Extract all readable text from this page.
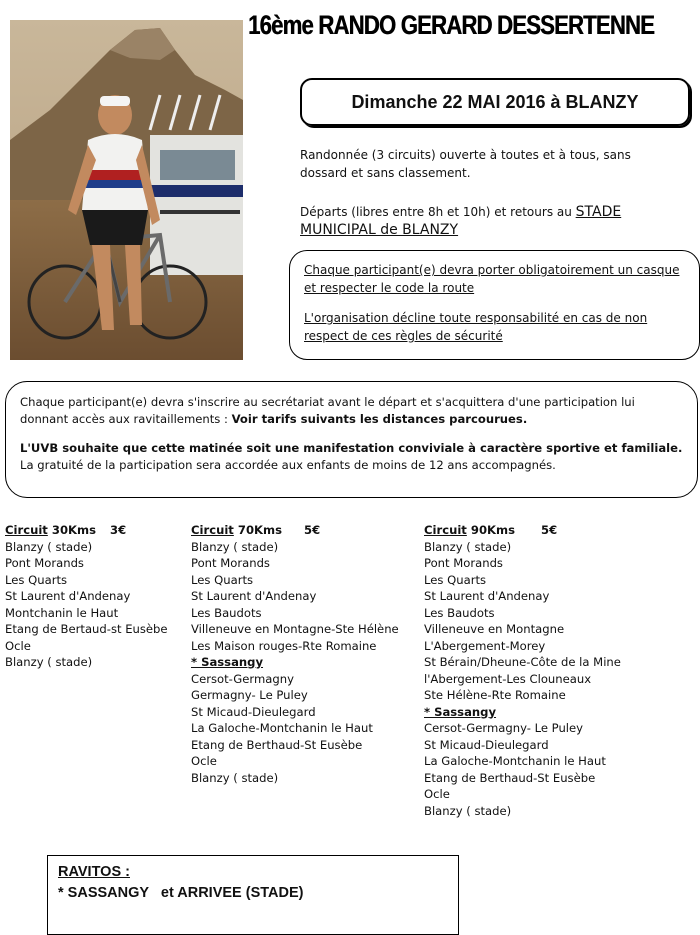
16ème RANDO GERARD DESSERTENNE
Dimanche 22 MAI 2016 à BLANZY
Randonnée (3 circuits) ouverte à toutes et à tous, sans dossard et sans classement.
Départs (libres entre 8h et 10h) et retours au STADE MUNICIPAL de BLANZY

Chaque participant(e) devra porter obligatoirement un casque et respecter le code la route

L'organisation décline toute responsabilité en cas de non respect de ces règles de sécurité

Chaque participant(e) devra s'inscrire au secrétariat avant le départ et s'acquittera d'une participation lui donnant accès aux ravitaillements : Voir tarifs suivants les distances parcourues.

L'UVB souhaite que cette matinée soit une manifestation conviviale à caractère sportive et familiale.

La gratuité de la participation sera accordée aux enfants de moins de 12 ans accompagnés.

Circuit 30Kms 3€
Blanzy ( stade)
Pont Morands
Les Quarts
St Laurent d'Andenay
Montchanin le Haut
Etang de Bertaud-st Eusèbe
Ocle
Blanzy ( stade)
Circuit 70Kms 5€
Blanzy ( stade)
Pont Morands
Les Quarts
St Laurent d'Andenay
Les Baudots
Villeneuve en Montagne-Ste Hélène
Les Maison rouges-Rte Romaine
* Sassangy
Cersot-Germagny
Germagny- Le Puley
St Micaud-Dieulegard
La Galoche-Montchanin le Haut
Etang de Berthaud-St Eusèbe
Ocle
Blanzy ( stade)
Circuit 90Kms 5€
Blanzy ( stade)
Pont Morands
Les Quarts
St Laurent d'Andenay
Les Baudots
Villeneuve en Montagne
L'Abergement-Morey
St Bérain/Dheune-Côte de la Mine
l'Abergement-Les Clouneaux
Ste Hélène-Rte Romaine
* Sassangy
Cersot-Germagny- Le Puley
St Micaud-Dieulegard
La Galoche-Montchanin le Haut
Etang de Berthaud-St Eusèbe
Ocle
Blanzy ( stade)
RAVITOS :
* SASSANGY   et ARRIVEE (STADE)
